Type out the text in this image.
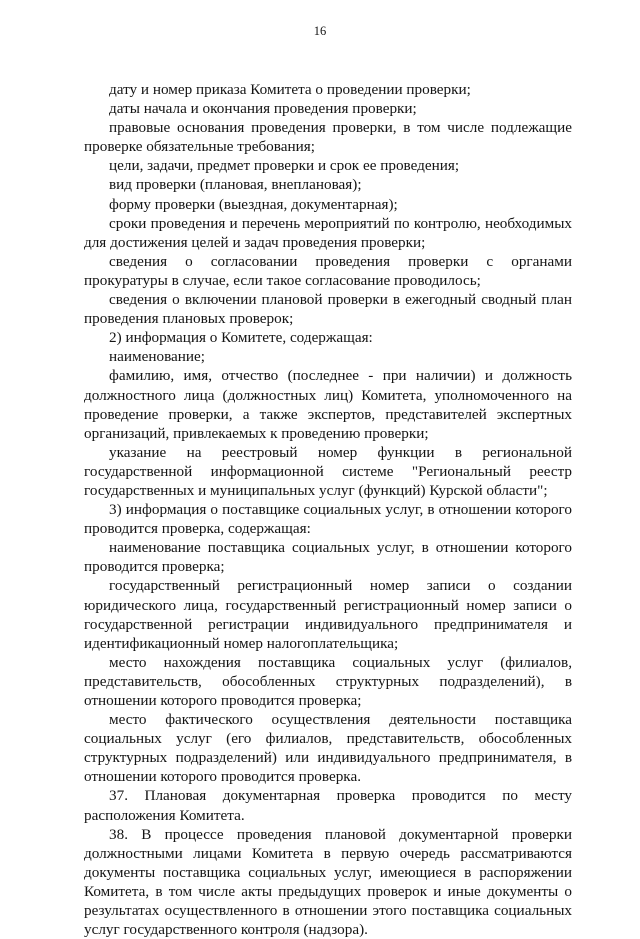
16

дату и номер приказа Комитета о проведении проверки;

даты начала и окончания проведения проверки;

правовые основания проведения проверки, в том числе подлежащие проверке обязательные требования;

цели, задачи, предмет проверки и срок ее проведения;

вид проверки (плановая, внеплановая);

форму проверки (выездная, документарная);

сроки проведения и перечень мероприятий по контролю, необходимых для достижения целей и задач проведения проверки;

сведения о согласовании проведения проверки с органами прокуратуры в случае, если такое согласование проводилось;

сведения о включении плановой проверки в ежегодный сводный план проведения плановых проверок;

2) информация о Комитете, содержащая:

наименование;

фамилию, имя, отчество (последнее - при наличии) и должность должностного лица (должностных лиц) Комитета, уполномоченного на проведение проверки, а также экспертов, представителей экспертных организаций, привлекаемых к проведению проверки;

указание на реестровый номер функции в региональной государственной информационной системе "Региональный реестр государственных и муниципальных услуг (функций) Курской области";

3) информация о поставщике социальных услуг, в отношении которого проводится проверка, содержащая:

наименование поставщика социальных услуг, в отношении которого проводится проверка;

государственный регистрационный номер записи о создании юридического лица, государственный регистрационный номер записи о государственной регистрации индивидуального предпринимателя и идентификационный номер налогоплательщика;

место нахождения поставщика социальных услуг (филиалов, представительств, обособленных структурных подразделений), в отношении которого проводится проверка;

место фактического осуществления деятельности поставщика социальных услуг (его филиалов, представительств, обособленных структурных подразделений) или индивидуального предпринимателя, в отношении которого проводится проверка.

37. Плановая документарная проверка проводится по месту расположения Комитета.

38. В процессе проведения плановой документарной проверки должностными лицами Комитета в первую очередь рассматриваются документы поставщика социальных услуг, имеющиеся в распоряжении Комитета, в том числе акты предыдущих проверок и иные документы о результатах осуществленного в отношении этого поставщика социальных услуг государственного контроля (надзора).
